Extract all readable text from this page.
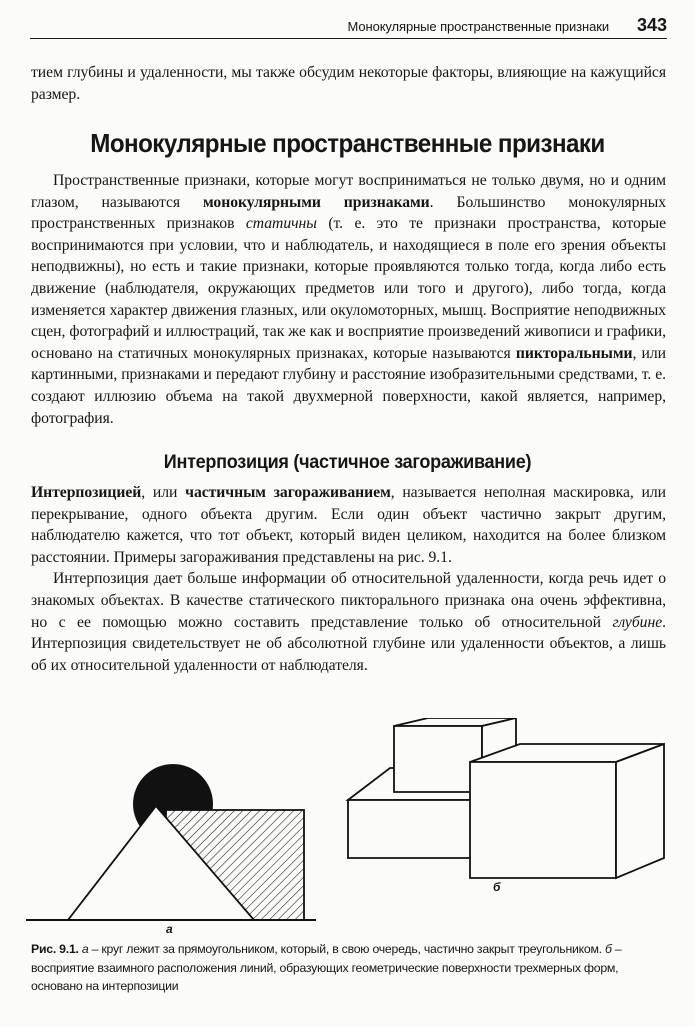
Монокулярные пространственные признаки 343

тием глубины и удаленности, мы также обсудим некоторые факторы, влияющие на кажущийся размер.

Монокулярные пространственные признаки

Пространственные признаки, которые могут восприниматься не только двумя, но и одним глазом, называются монокулярными признаками. Большинство монокулярных пространственных признаков статичны (т. е. это те признаки пространства, которые воспринимаются при условии, что и наблюдатель, и находящиеся в поле его зрения объекты неподвижны), но есть и такие признаки, которые проявляются только тогда, когда либо есть движение (наблюдателя, окружающих предметов или того и другого), либо тогда, когда изменяется характер движения глазных, или окуломоторных, мышц. Восприятие неподвижных сцен, фотографий и иллюстраций, так же как и восприятие произведений живописи и графики, основано на статичных монокулярных признаках, которые называются пикторальными, или картинными, признаками и передают глубину и расстояние изобразительными средствами, т. е. создают иллюзию объема на такой двухмерной поверхности, какой является, например, фотография.

Интерпозиция (частичное загораживание)

Интерпозицией, или частичным загораживанием, называется неполная маскировка, или перекрывание, одного объекта другим. Если один объект частично закрыт другим, наблюдателю кажется, что тот объект, который виден целиком, находится на более близком расстоянии. Примеры загораживания представлены на рис. 9.1.

Интерпозиция дает больше информации об относительной удаленности, когда речь идет о знакомых объектах. В качестве статического пикторального признака она очень эффективна, но с ее помощью можно составить представление только об относительной глубине. Интерпозиция свидетельствует не об абсолютной глубине или удаленности объектов, а лишь об их относительной удаленности от наблюдателя.

а
б
Рис. 9.1. а – круг лежит за прямоугольником, который, в свою очередь, частично закрыт треугольником. б – восприятие взаимного расположения линий, образующих геометрические поверхности трехмерных форм, основано на интерпозиции
